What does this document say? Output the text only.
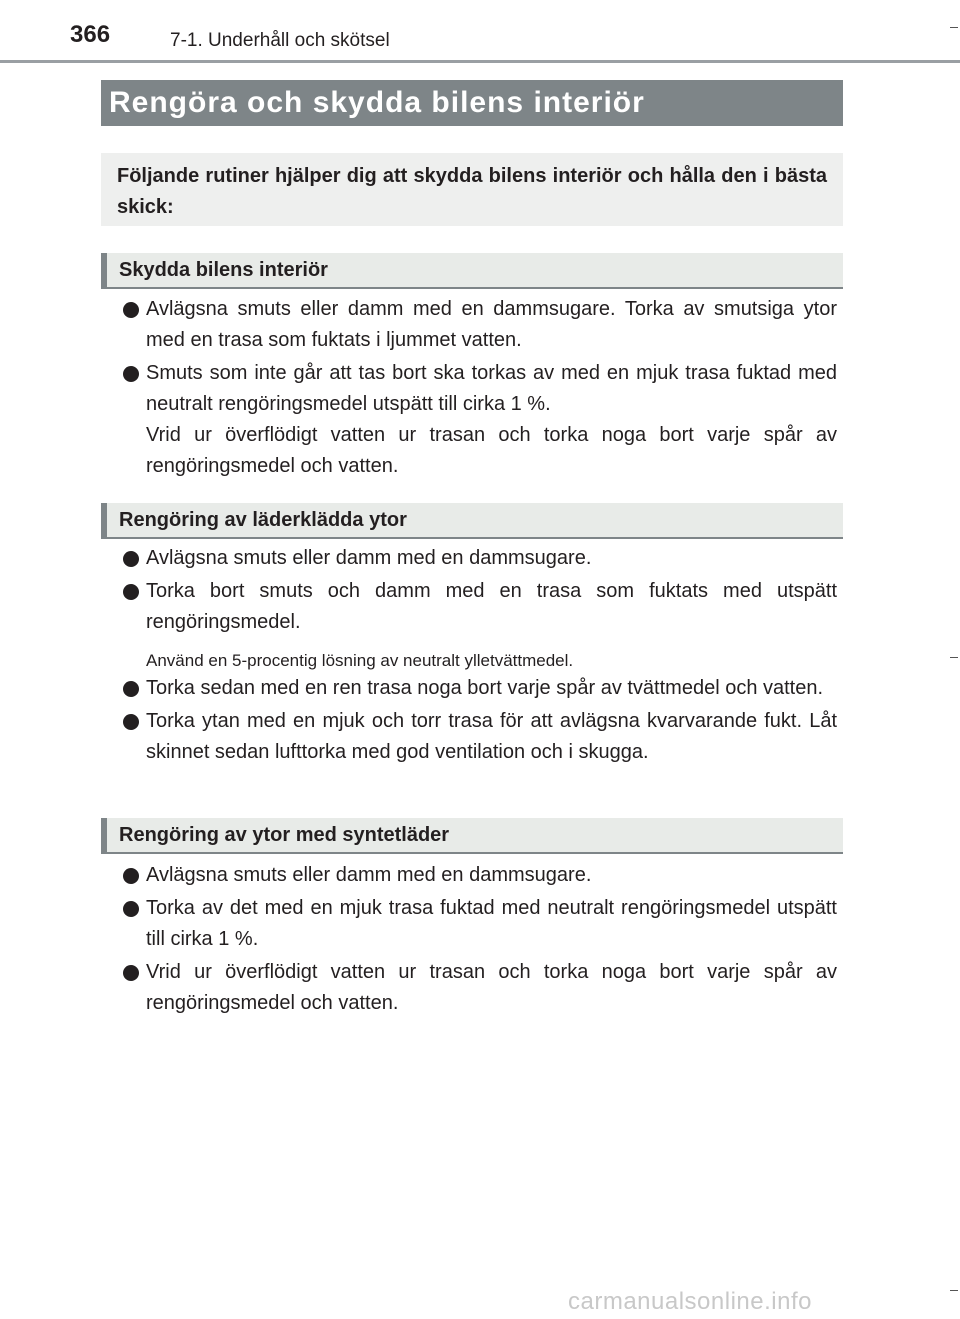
366	7-1. Underhåll och skötsel
Rengöra och skydda bilens interiör

Följande rutiner hjälper dig att skydda bilens interiör och hålla den i bästa skick:

Skydda bilens interiör
Avlägsna smuts eller damm med en dammsugare. Torka av smutsiga ytor med en trasa som fuktats i ljummet vatten.
Smuts som inte går att tas bort ska torkas av med en mjuk trasa fuktad med neutralt rengöringsmedel utspätt till cirka 1 %.
Vrid ur överflödigt vatten ur trasan och torka noga bort varje spår av rengöringsmedel och vatten.
Rengöring av läderklädda ytor
Avlägsna smuts eller damm med en dammsugare.
Torka bort smuts och damm med en trasa som fuktats med utspätt rengöringsmedel.
Använd en 5-procentig lösning av neutralt ylletvättmedel.
Torka sedan med en ren trasa noga bort varje spår av tvättmedel och vatten.
Torka ytan med en mjuk och torr trasa för att avlägsna kvarvarande fukt. Låt skinnet sedan lufttorka med god ventilation och i skugga.
Rengöring av ytor med syntetläder
Avlägsna smuts eller damm med en dammsugare.
Torka av det med en mjuk trasa fuktad med neutralt rengöringsmedel utspätt till cirka 1 %.
Vrid ur överflödigt vatten ur trasan och torka noga bort varje spår av rengöringsmedel och vatten.
carmanualsonline.info
